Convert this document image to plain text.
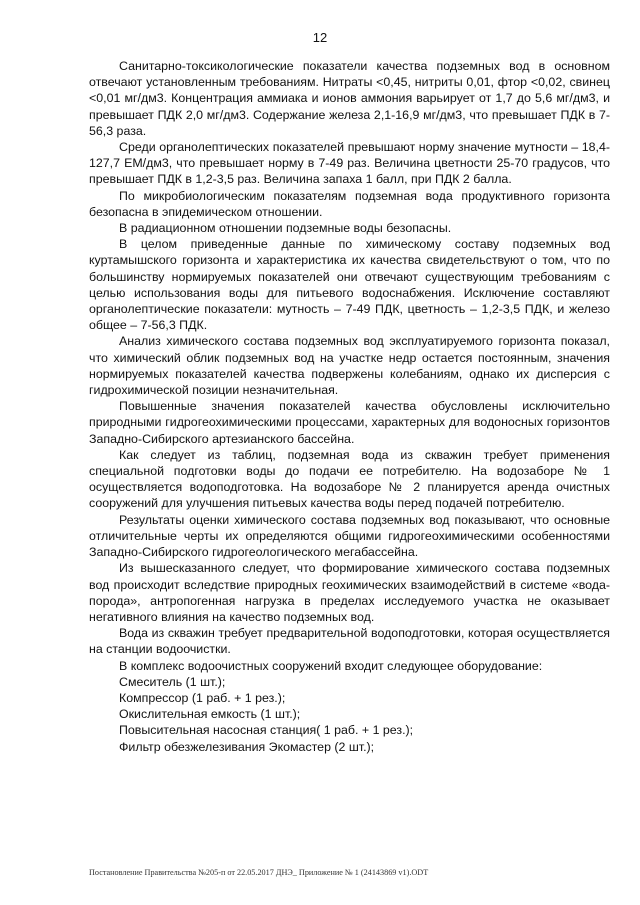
12

Санитарно-токсикологические показатели качества подземных вод в основном отвечают установленным требованиям. Нитраты <0,45, нитриты 0,01, фтор <0,02, свинец <0,01 мг/дм3. Концентрация аммиака и ионов аммония варьирует от 1,7 до 5,6 мг/дм3, и превышает ПДК 2,0 мг/дм3. Содержание железа 2,1-16,9 мг/дм3, что превышает ПДК в 7-56,3 раза.

Среди органолептических показателей превышают норму значение мутности – 18,4-127,7 ЕМ/дм3, что превышает норму в 7-49 раз. Величина цветности 25-70 градусов, что превышает ПДК в 1,2-3,5 раз. Величина запаха 1 балл, при ПДК 2 балла.

По микробиологическим показателям подземная вода продуктивного горизонта безопасна в эпидемическом отношении.

В радиационном отношении подземные воды безопасны.

В целом приведенные данные по химическому составу подземных вод куртамышского горизонта и характеристика их качества свидетельствуют о том, что по большинству нормируемых показателей они отвечают существующим требованиям с целью использования воды для питьевого водоснабжения. Исключение составляют органолептические показатели: мутность – 7-49 ПДК, цветность – 1,2-3,5 ПДК, и железо общее – 7-56,3 ПДК.

Анализ химического состава подземных вод эксплуатируемого горизонта показал, что химический облик подземных вод на участке недр остается постоянным, значения нормируемых показателей качества подвержены колебаниям, однако их дисперсия с гидрохимической позиции незначительная.

Повышенные значения показателей качества обусловлены исключительно природными гидрогеохимическими процессами, характерных для водоносных горизонтов Западно-Сибирского артезианского бассейна.

Как следует из таблиц, подземная вода из скважин требует применения специальной подготовки воды до подачи ее потребителю. На водозаборе № 1 осуществляется водоподготовка. На водозаборе № 2 планируется аренда очистных сооружений для улучшения питьевых качества воды перед подачей потребителю.

Результаты оценки химического состава подземных вод показывают, что основные отличительные черты их определяются общими гидрогеохимическими особенностями Западно-Сибирского гидрогеологического мегабассейна.

Из вышесказанного следует, что формирование химического состава подземных вод происходит вследствие природных геохимических взаимодействий в системе «вода-порода», антропогенная нагрузка в пределах исследуемого участка не оказывает негативного влияния на качество подземных вод.

Вода из скважин требует предварительной водоподготовки, которая осуществляется на станции водоочистки.

В комплекс водоочистных сооружений входит следующее оборудование:

Смеситель (1 шт.);

Компрессор (1 раб. + 1 рез.);

Окислительная емкость (1 шт.);

Повысительная насосная станция( 1 раб. + 1 рез.);

Фильтр обезжелезивания Экомастер (2 шт.);

Постановление Правительства №205-п от 22.05.2017 ДНЭ_ Приложение № 1 (24143869 v1).ODT
